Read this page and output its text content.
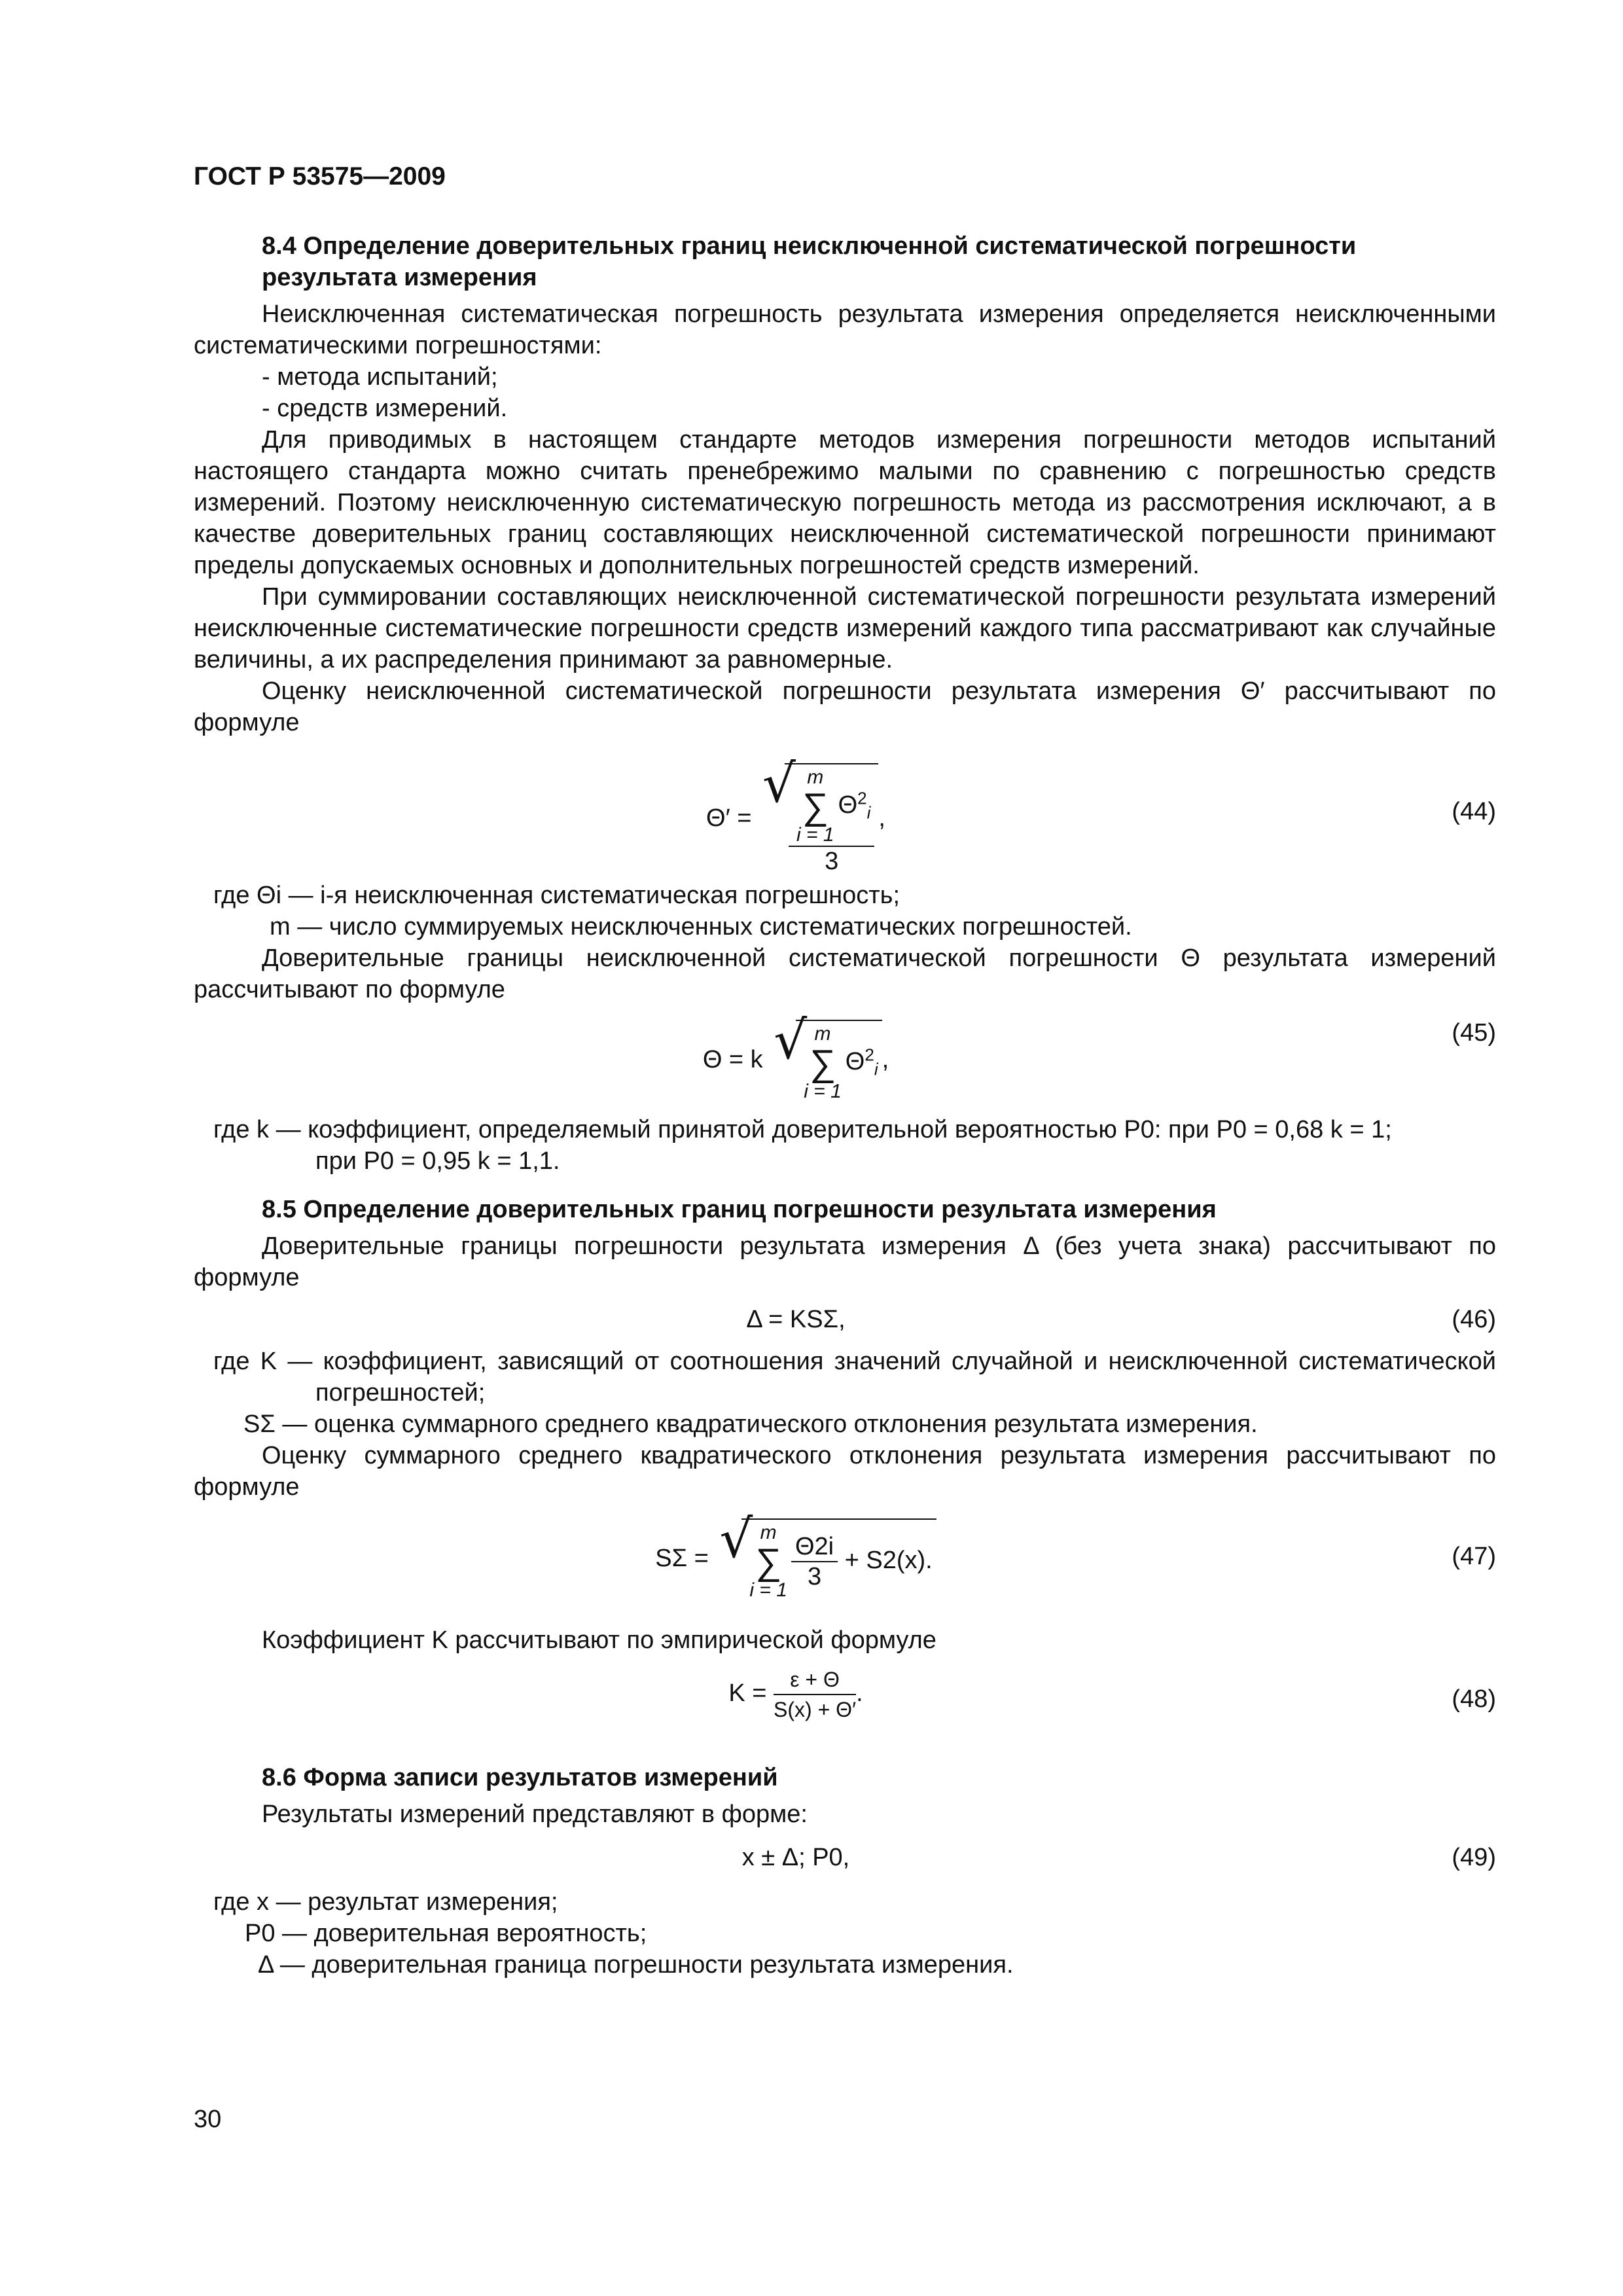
ГОСТ Р 53575—2009
8.4 Определение доверительных границ неисключенной систематической погрешности результата измерения

Неисключенная систематическая погрешность результата измерения определяется неисключенными систематическими погрешностями:

- метода испытаний;

- средств измерений.

Для приводимых в настоящем стандарте методов измерения погрешности методов испытаний настоящего стандарта можно считать пренебрежимо малыми по сравнению с погрешностью средств измерений. Поэтому неисключенную систематическую погрешность метода из рассмотрения исключают, а в качестве доверительных границ составляющих неисключенной систематической погрешности принимают пределы допускаемых основных и дополнительных погрешностей средств измерений.

При суммировании составляющих неисключенной систематической погрешности результата измерений неисключенные систематические погрешности средств измерений каждого типа рассматривают как случайные величины, а их распределения принимают за равномерные.

Оценку неисключенной систематической погрешности результата измерения Θ′ рассчитывают по формуле

Θ′ =
√ m
∑
i = 1
$\Theta^2_i$
3 ,	(44)

где Θi — i-я неисключенная систематическая погрешность;

m — число суммируемых неисключенных систематических погрешностей.

Доверительные границы неисключенной систематической погрешности Θ результата измерений рассчитывают по формуле

Θ = k
√ m
∑
i = 1
$\Theta^2_i$ ,
(45)

где k — коэффициент, определяемый принятой доверительной вероятностью P0: при P0 = 0,68 k = 1;

при P0 = 0,95 k = 1,1.

8.5 Определение доверительных границ погрешности результата измерения

Доверительные границы погрешности результата измерения Δ (без учета знака) рассчитывают по формуле

Δ = KSΣ,	(46)

где K — коэффициент, зависящий от соотношения значений случайной и неисключенной систематической погрешностей;

SΣ — оценка суммарного среднего квадратического отклонения результата измерения.

Оценку суммарного среднего квадратического отклонения результата измерения рассчитывают по формуле

SΣ =
√ m
∑
$i = 1 \frac{\Theta 2i}{3} + S2(x)$.	(47)

Коэффициент K рассчитывают по эмпирической формуле

$K = \frac{\varepsilon + \Theta}{S(x) + \Theta'}$ .	(48)
8.6 Форма записи результатов измерений

Результаты измерений представляют в форме:

x ± Δ; P0,	(49)

где x — результат измерения;

P0 — доверительная вероятность;

Δ — доверительная граница погрешности результата измерения.

30
